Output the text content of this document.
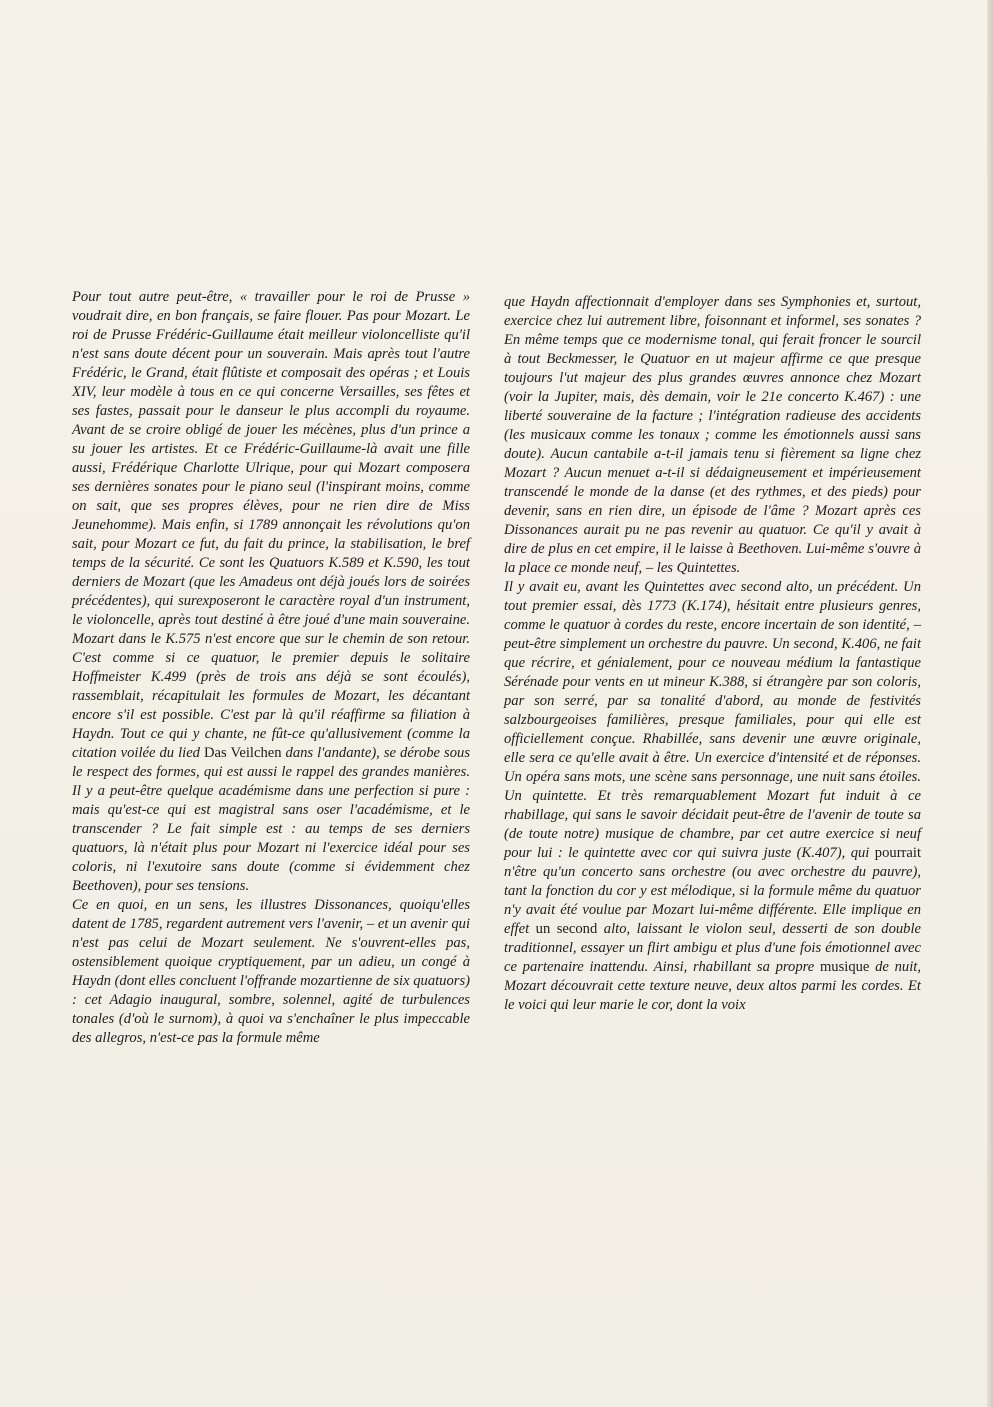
Pour tout autre peut-être, « travailler pour le roi de Prusse » voudrait dire, en bon français, se faire flouer. Pas pour Mozart. Le roi de Prusse Frédéric-Guillaume était meilleur violoncelliste qu'il n'est sans doute décent pour un souverain. Mais après tout l'autre Frédéric, le Grand, était flûtiste et composait des opéras ; et Louis XIV, leur modèle à tous en ce qui concerne Versailles, ses fêtes et ses fastes, passait pour le danseur le plus accompli du royaume. Avant de se croire obligé de jouer les mécènes, plus d'un prince a su jouer les artistes. Et ce Frédéric-Guillaume-là avait une fille aussi, Frédérique Charlotte Ulrique, pour qui Mozart composera ses dernières sonates pour le piano seul (l'inspirant moins, comme on sait, que ses propres élèves, pour ne rien dire de Miss Jeunehomme). Mais enfin, si 1789 annonçait les révolutions qu'on sait, pour Mozart ce fut, du fait du prince, la stabilisation, le bref temps de la sécurité. Ce sont les Quatuors K.589 et K.590, les tout derniers de Mozart (que les Amadeus ont déjà joués lors de soirées précédentes), qui surexposeront le caractère royal d'un instrument, le violoncelle, après tout destiné à être joué d'une main souveraine. Mozart dans le K.575 n'est encore que sur le chemin de son retour. C'est comme si ce quatuor, le premier depuis le solitaire Hoffmeister K.499 (près de trois ans déjà se sont écoulés), rassemblait, récapitulait les formules de Mozart, les décantant encore s'il est possible. C'est par là qu'il réaffirme sa filiation à Haydn. Tout ce qui y chante, ne fût-ce qu'allusivement (comme la citation voilée du lied Das Veilchen dans l'andante), se dérobe sous le respect des formes, qui est aussi le rappel des grandes manières. Il y a peut-être quelque académisme dans une perfection si pure : mais qu'est-ce qui est magistral sans oser l'académisme, et le transcender ? Le fait simple est : au temps de ses derniers quatuors, là n'était plus pour Mozart ni l'exercice idéal pour ses coloris, ni l'exutoire sans doute (comme si évidemment chez Beethoven), pour ses tensions.

Ce en quoi, en un sens, les illustres Dissonances, quoiqu'elles datent de 1785, regardent autrement vers l'avenir, – et un avenir qui n'est pas celui de Mozart seulement. Ne s'ouvrent-elles pas, ostensiblement quoique cryptiquement, par un adieu, un congé à Haydn (dont elles concluent l'offrande mozartienne de six quatuors) : cet Adagio inaugural, sombre, solennel, agité de turbulences tonales (d'où le surnom), à quoi va s'enchaîner le plus impeccable des allegros, n'est-ce pas la formule même

que Haydn affectionnait d'employer dans ses Symphonies et, surtout, exercice chez lui autrement libre, foisonnant et informel, ses sonates ? En même temps que ce modernisme tonal, qui ferait froncer le sourcil à tout Beckmesser, le Quatuor en ut majeur affirme ce que presque toujours l'ut majeur des plus grandes œuvres annonce chez Mozart (voir la Jupiter, mais, dès demain, voir le 21e concerto K.467) : une liberté souveraine de la facture ; l'intégration radieuse des accidents (les musicaux comme les tonaux ; comme les émotionnels aussi sans doute). Aucun cantabile a-t-il jamais tenu si fièrement sa ligne chez Mozart ? Aucun menuet a-t-il si dédaigneusement et impérieusement transcendé le monde de la danse (et des rythmes, et des pieds) pour devenir, sans en rien dire, un épisode de l'âme ? Mozart après ces Dissonances aurait pu ne pas revenir au quatuor. Ce qu'il y avait à dire de plus en cet empire, il le laisse à Beethoven. Lui-même s'ouvre à la place ce monde neuf, – les Quintettes.

Il y avait eu, avant les Quintettes avec second alto, un précédent. Un tout premier essai, dès 1773 (K.174), hésitait entre plusieurs genres, comme le quatuor à cordes du reste, encore incertain de son identité, – peut-être simplement un orchestre du pauvre. Un second, K.406, ne fait que récrire, et génialement, pour ce nouveau médium la fantastique Sérénade pour vents en ut mineur K.388, si étrangère par son coloris, par son serré, par sa tonalité d'abord, au monde de festivités salzbourgeoises familières, presque familiales, pour qui elle est officiellement conçue. Rhabillée, sans devenir une œuvre originale, elle sera ce qu'elle avait à être. Un exercice d'intensité et de réponses. Un opéra sans mots, une scène sans personnage, une nuit sans étoiles. Un quintette. Et très remarquablement Mozart fut induit à ce rhabillage, qui sans le savoir décidait peut-être de l'avenir de toute sa (de toute notre) musique de chambre, par cet autre exercice si neuf pour lui : le quintette avec cor qui suivra juste (K.407), qui pourrait n'être qu'un concerto sans orchestre (ou avec orchestre du pauvre), tant la fonction du cor y est mélodique, si la formule même du quatuor n'y avait été voulue par Mozart lui-même différente. Elle implique en effet un second alto, laissant le violon seul, desserti de son double traditionnel, essayer un flirt ambigu et plus d'une fois émotionnel avec ce partenaire inattendu. Ainsi, rhabillant sa propre musique de nuit, Mozart découvrait cette texture neuve, deux altos parmi les cordes. Et le voici qui leur marie le cor, dont la voix
